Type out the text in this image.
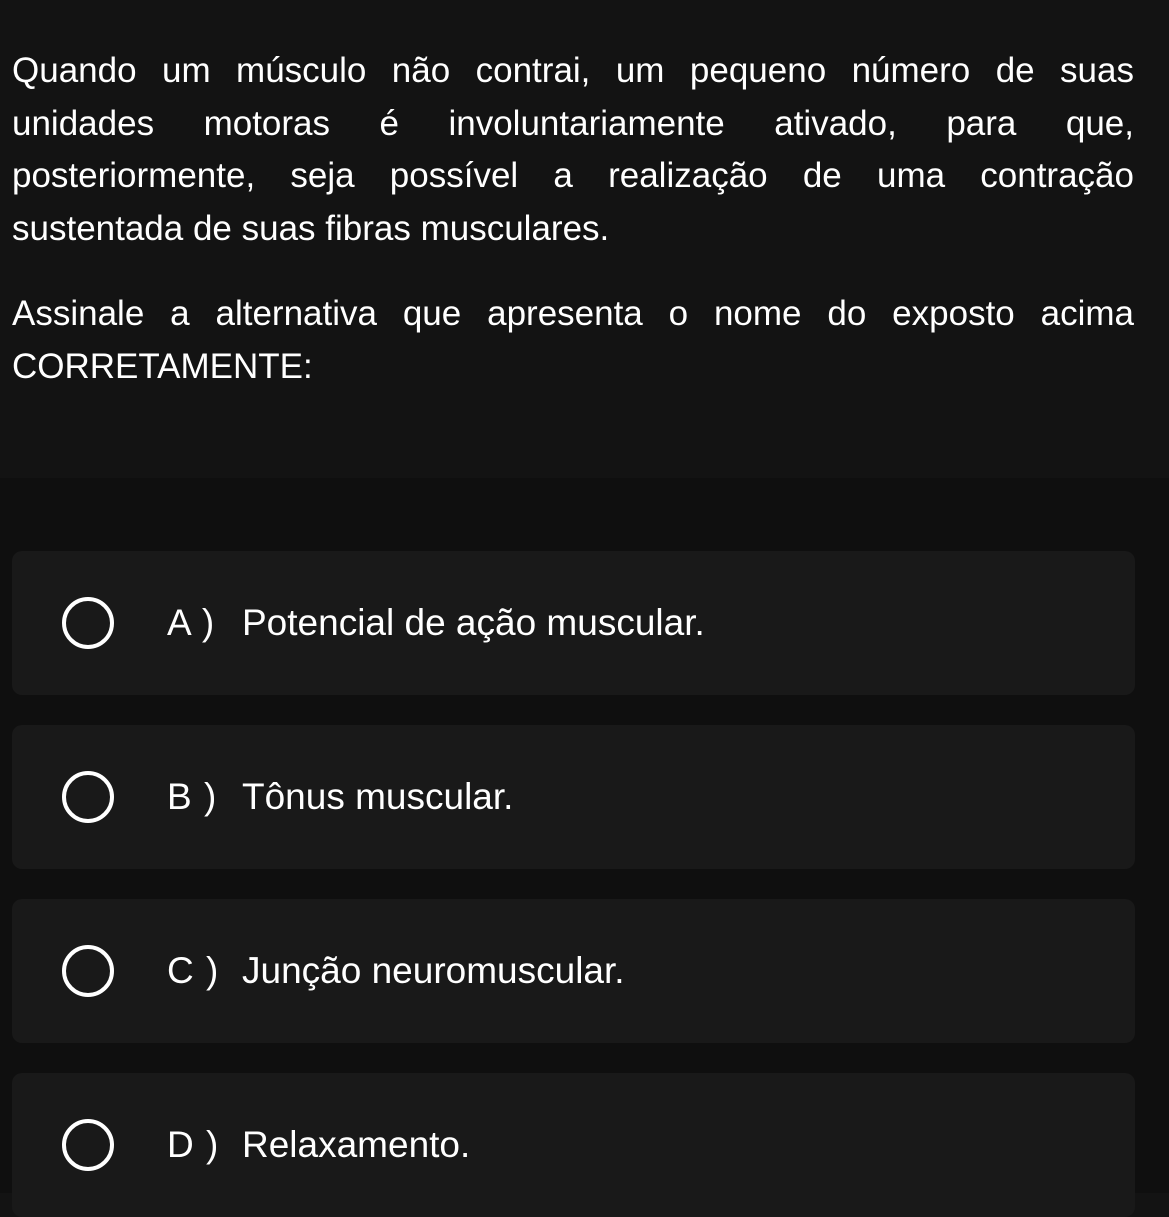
Quando um músculo não contrai, um pequeno número de suas unidades motoras é involuntariamente ativado, para que, posteriormente, seja possível a realização de uma contração sustentada de suas fibras musculares.

Assinale a alternativa que apresenta o nome do exposto acima CORRETAMENTE:

A ) Potencial de ação muscular.
B ) Tônus muscular.
C ) Junção neuromuscular.
D ) Relaxamento.
